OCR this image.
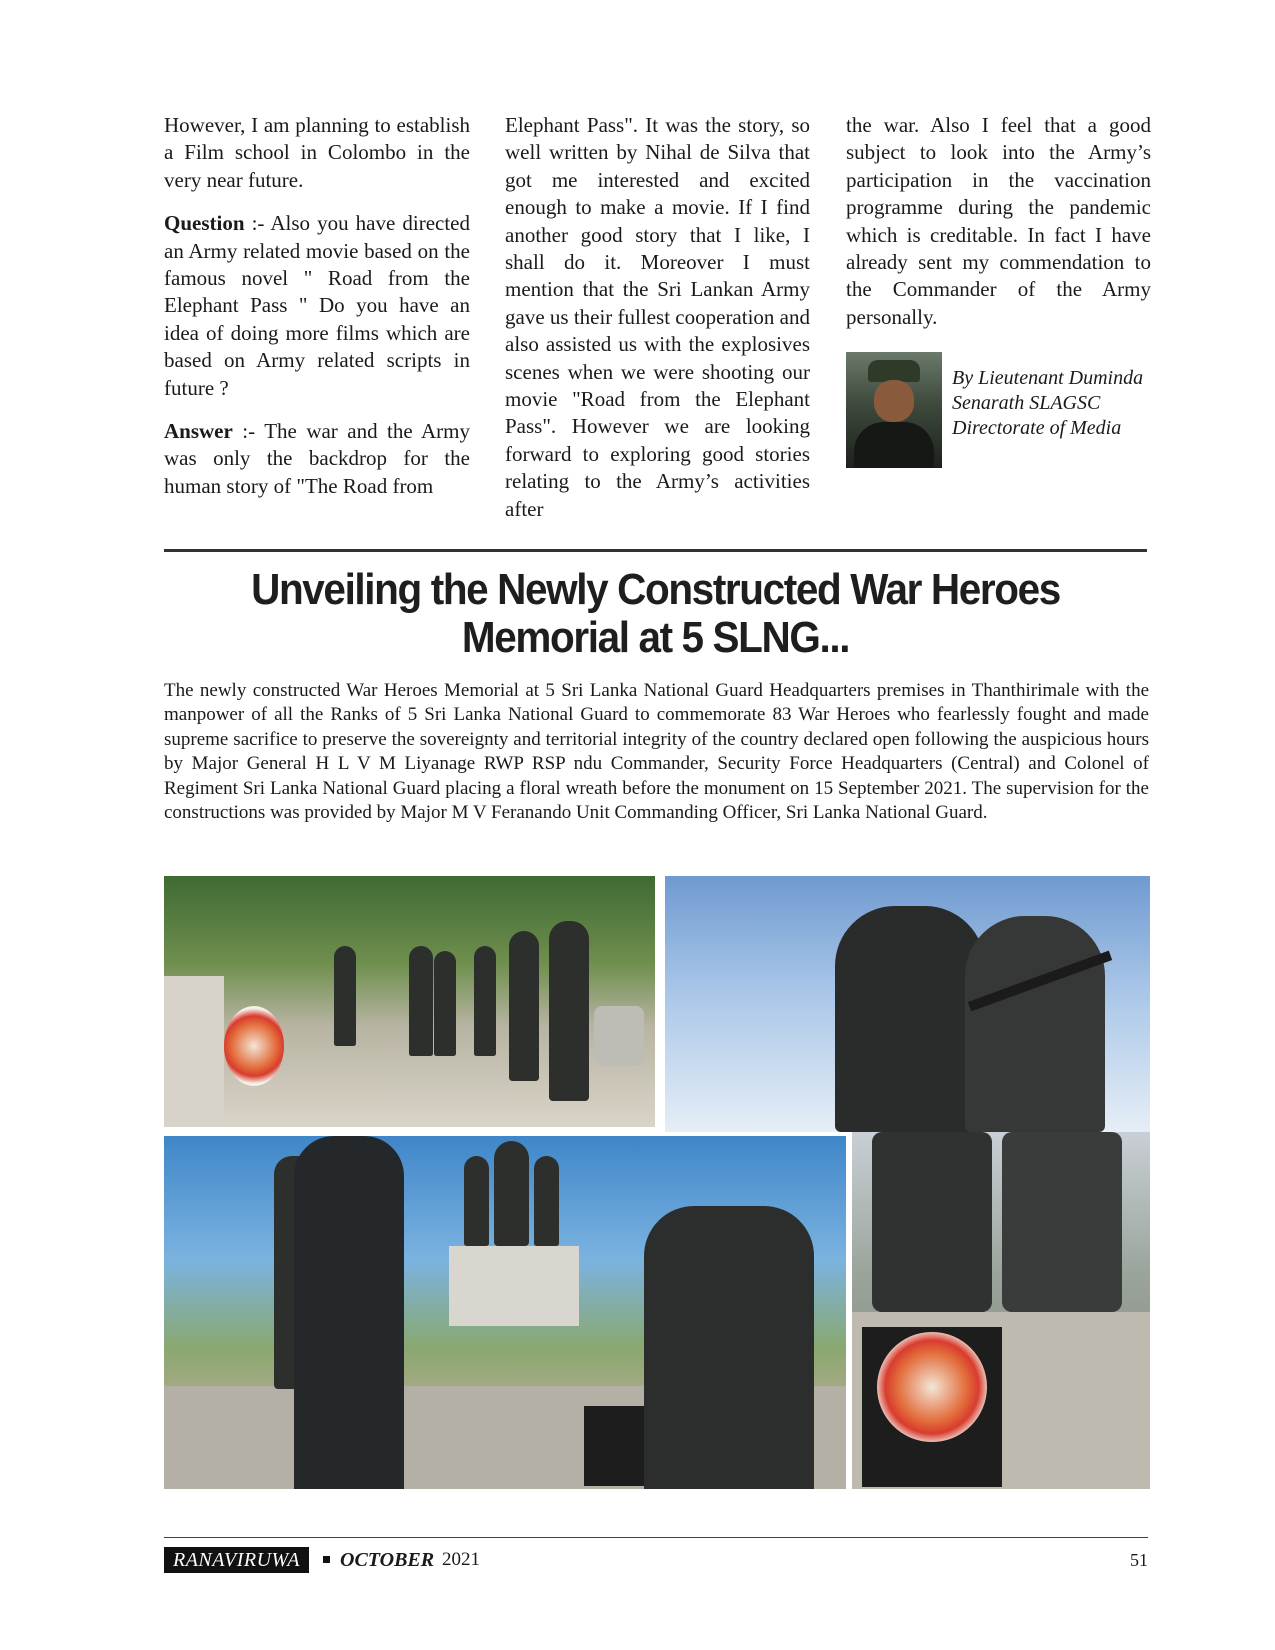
However, I am planning to establish a Film school in Colombo in the very near future.

Question :- Also you have directed an Army related movie based on the famous novel " Road from the Elephant Pass " Do you have an idea of doing more films which are based on Army related scripts in future ?

Answer :- The war and the Army was only the backdrop for the human story of "The Road from

Elephant Pass". It was the story, so well written by Nihal de Silva that got me interested and excited enough to make a movie. If I find another good story that I like, I shall do it. Moreover I must mention that the Sri Lankan Army gave us their fullest cooperation and also assisted us with the explosives scenes when we were shooting our movie "Road from the Elephant Pass". However we are looking forward to exploring good stories relating to the Army’s activities after

the war. Also I feel that a good subject to look into the Army’s participation in the vaccination programme during the pandemic which is creditable. In fact I have already sent my commendation to the Commander of the Army personally.

By Lieutenant Duminda
Senarath SLAGSC
Directorate of Media
Unveiling the Newly Constructed War Heroes
Memorial at 5 SLNG...
The newly constructed War Heroes Memorial at 5 Sri Lanka National Guard Headquarters premises in Thanthirimale with the manpower of all the Ranks of 5 Sri Lanka National Guard to commemorate 83 War Heroes who fearlessly fought and made supreme sacrifice to preserve the sovereignty and territorial integrity of the country declared open following the auspicious hours by Major General H L V M Liyanage RWP RSP ndu Commander, Security Force Headquarters (Central) and Colonel of Regiment Sri Lanka National Guard placing a floral wreath before the monument on 15 September 2021. The supervision for the constructions was provided by Major M V Feranando Unit Commanding Officer, Sri Lanka National Guard.
RANAVIRUWA	OCTOBER 2021	51
